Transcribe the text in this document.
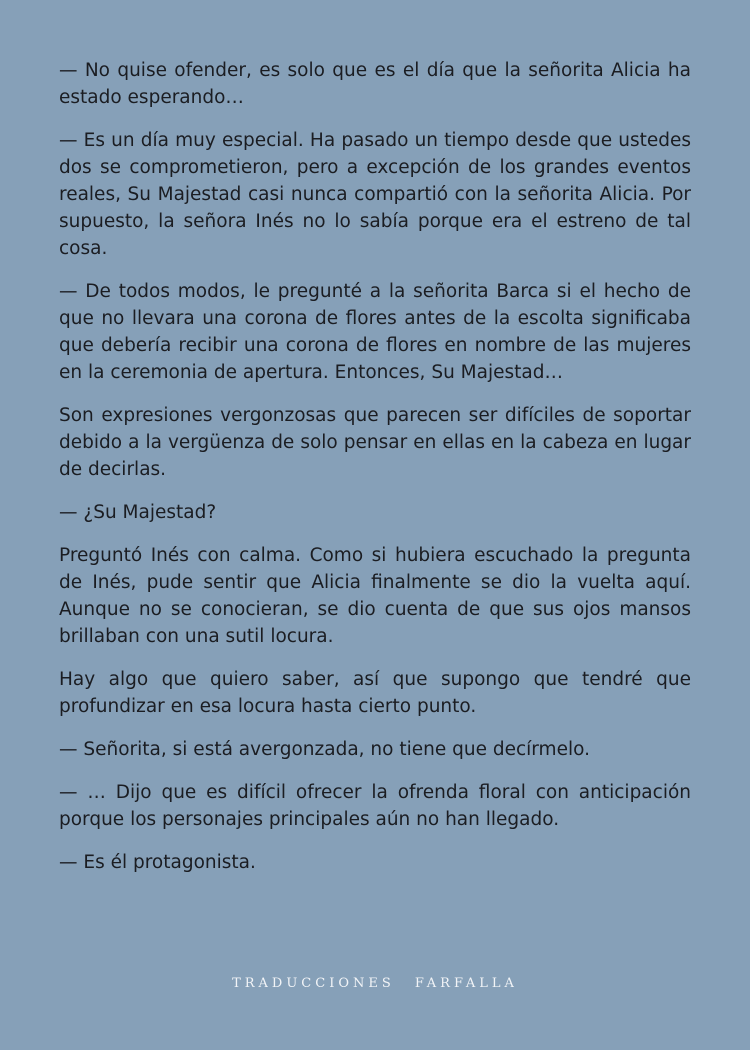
— No quise ofender, es solo que es el día que la señorita Alicia ha estado esperando…

— Es un día muy especial. Ha pasado un tiempo desde que ustedes dos se comprometieron, pero a excepción de los grandes eventos reales, Su Majestad casi nunca compartió con la señorita Alicia. Por supuesto, la señora Inés no lo sabía porque era el estreno de tal cosa.

— De todos modos, le pregunté a la señorita Barca si el hecho de que no llevara una corona de flores antes de la escolta significaba que debería recibir una corona de flores en nombre de las mujeres en la ceremonia de apertura. Entonces, Su Majestad…

Son expresiones vergonzosas que parecen ser difíciles de soportar debido a la vergüenza de solo pensar en ellas en la cabeza en lugar de decirlas.

— ¿Su Majestad?

Preguntó Inés con calma. Como si hubiera escuchado la pregunta de Inés, pude sentir que Alicia finalmente se dio la vuelta aquí. Aunque no se conocieran, se dio cuenta de que sus ojos mansos brillaban con una sutil locura.

Hay algo que quiero saber, así que supongo que tendré que profundizar en esa locura hasta cierto punto.

— Señorita, si está avergonzada, no tiene que decírmelo.

— … Dijo que es difícil ofrecer la ofrenda floral con anticipación porque los personajes principales aún no han llegado.

— Es él protagonista.

TRADUCCIONES FARFALLA
